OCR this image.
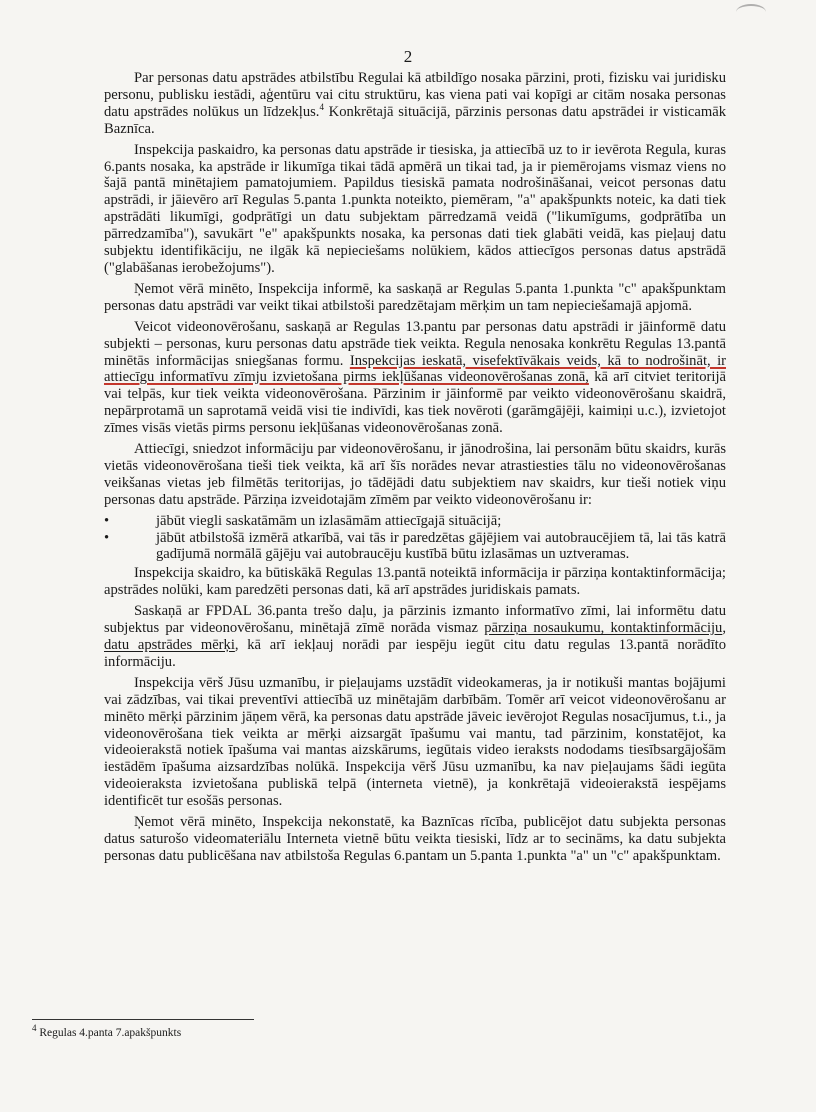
2

Par personas datu apstrādes atbilstību Regulai kā atbildīgo nosaka pārzini, proti, fizisku vai juridisku personu, publisku iestādi, aģentūru vai citu struktūru, kas viena pati vai kopīgi ar citām nosaka personas datu apstrādes nolūkus un līdzekļus.$^4$ Konkrētajā situācijā, pārzinis personas datu apstrādei ir visticamāk Baznīca.

Inspekcija paskaidro, ka personas datu apstrāde ir tiesiska, ja attiecībā uz to ir ievērota Regula, kuras 6.pants nosaka, ka apstrāde ir likumīga tikai tādā apmērā un tikai tad, ja ir piemērojams vismaz viens no šajā pantā minētajiem pamatojumiem. Papildus tiesiskā pamata nodrošināšanai, veicot personas datu apstrādi, ir jāievēro arī Regulas 5.panta 1.punkta noteikto, piemēram, "a" apakšpunkts noteic, ka dati tiek apstrādāti likumīgi, godprātīgi un datu subjektam pārredzamā veidā ("likumīgums, godprātība un pārredzamība"), savukārt "e" apakšpunkts nosaka, ka personas dati tiek glabāti veidā, kas pieļauj datu subjektu identifikāciju, ne ilgāk kā nepieciešams nolūkiem, kādos attiecīgos personas datus apstrādā ("glabāšanas ierobežojums").

Ņemot vērā minēto, Inspekcija informē, ka saskaņā ar Regulas 5.panta 1.punkta "c" apakšpunktam personas datu apstrādi var veikt tikai atbilstoši paredzētajam mērķim un tam nepieciešamajā apjomā.

Veicot videonovērošanu, saskaņā ar Regulas 13.pantu par personas datu apstrādi ir jāinformē datu subjekti – personas, kuru personas datu apstrāde tiek veikta. Regula nenosaka konkrētu Regulas 13.pantā minētās informācijas sniegšanas formu. Inspekcijas ieskatā, visefektīvākais veids, kā to nodrošināt, ir attiecīgu informatīvu zīmju izvietošana pirms iekļūšanas videonovērošanas zonā, kā arī citviet teritorijā vai telpās, kur tiek veikta videonovērošana. Pārzinim ir jāinformē par veikto videonovērošanu skaidrā, nepārprotamā un saprotamā veidā visi tie indivīdi, kas tiek novēroti (garāmgājēji, kaimiņi u.c.), izvietojot zīmes visās vietās pirms personu iekļūšanas videonovērošanas zonā.

Attiecīgi, sniedzot informāciju par videonovērošanu, ir jānodrošina, lai personām būtu skaidrs, kurās vietās videonovērošana tieši tiek veikta, kā arī šīs norādes nevar atrastiesties tālu no videonovērošanas veikšanas vietas jeb filmētās teritorijas, jo tādējādi datu subjektiem nav skaidrs, kur tieši notiek viņu personas datu apstrāde. Pārziņa izveidotajām zīmēm par veikto videonovērošanu ir:

•	jābūt viegli saskatāmām un izlasāmām attiecīgajā situācijā;
•	jābūt atbilstošā izmērā atkarībā, vai tās ir paredzētas gājējiem vai autobraucējiem tā, lai tās katrā gadījumā normālā gājēju vai autobraucēju kustībā būtu izlasāmas un uztveramas.

Inspekcija skaidro, ka būtiskākā Regulas 13.pantā noteiktā informācija ir pārziņa kontaktinformācija; apstrādes nolūki, kam paredzēti personas dati, kā arī apstrādes juridiskais pamats.

Saskaņā ar FPDAL 36.panta trešo daļu, ja pārzinis izmanto informatīvo zīmi, lai informētu datu subjektus par videonovērošanu, minētajā zīmē norāda vismaz pārziņa nosaukumu, kontaktinformāciju, datu apstrādes mērķi, kā arī iekļauj norādi par iespēju iegūt citu datu regulas 13.pantā norādīto informāciju.

Inspekcija vērš Jūsu uzmanību, ir pieļaujams uzstādīt videokameras, ja ir notikuši mantas bojājumi vai zādzības, vai tikai preventīvi attiecībā uz minētajām darbībām. Tomēr arī veicot videonovērošanu ar minēto mērķi pārzinim jāņem vērā, ka personas datu apstrāde jāveic ievērojot Regulas nosacījumus, t.i., ja videonovērošana tiek veikta ar mērķi aizsargāt īpašumu vai mantu, tad pārzinim, konstatējot, ka videoierakstā notiek īpašuma vai mantas aizskārums, iegūtais video ieraksts nododams tiesībsargājošām iestādēm īpašuma aizsardzības nolūkā. Inspekcija vērš Jūsu uzmanību, ka nav pieļaujams šādi iegūta videoieraksta izvietošana publiskā telpā (interneta vietnē), ja konkrētajā videoierakstā iespējams identificēt tur esošās personas.

Ņemot vērā minēto, Inspekcija nekonstatē, ka Baznīcas rīcība, publicējot datu subjekta personas datus saturošo videomateriālu Interneta vietnē būtu veikta tiesiski, līdz ar to secināms, ka datu subjekta personas datu publicēšana nav atbilstoša Regulas 6.pantam un 5.panta 1.punkta "a" un "c" apakšpunktam.

$^4$ Regulas 4.panta 7.apakšpunkts
